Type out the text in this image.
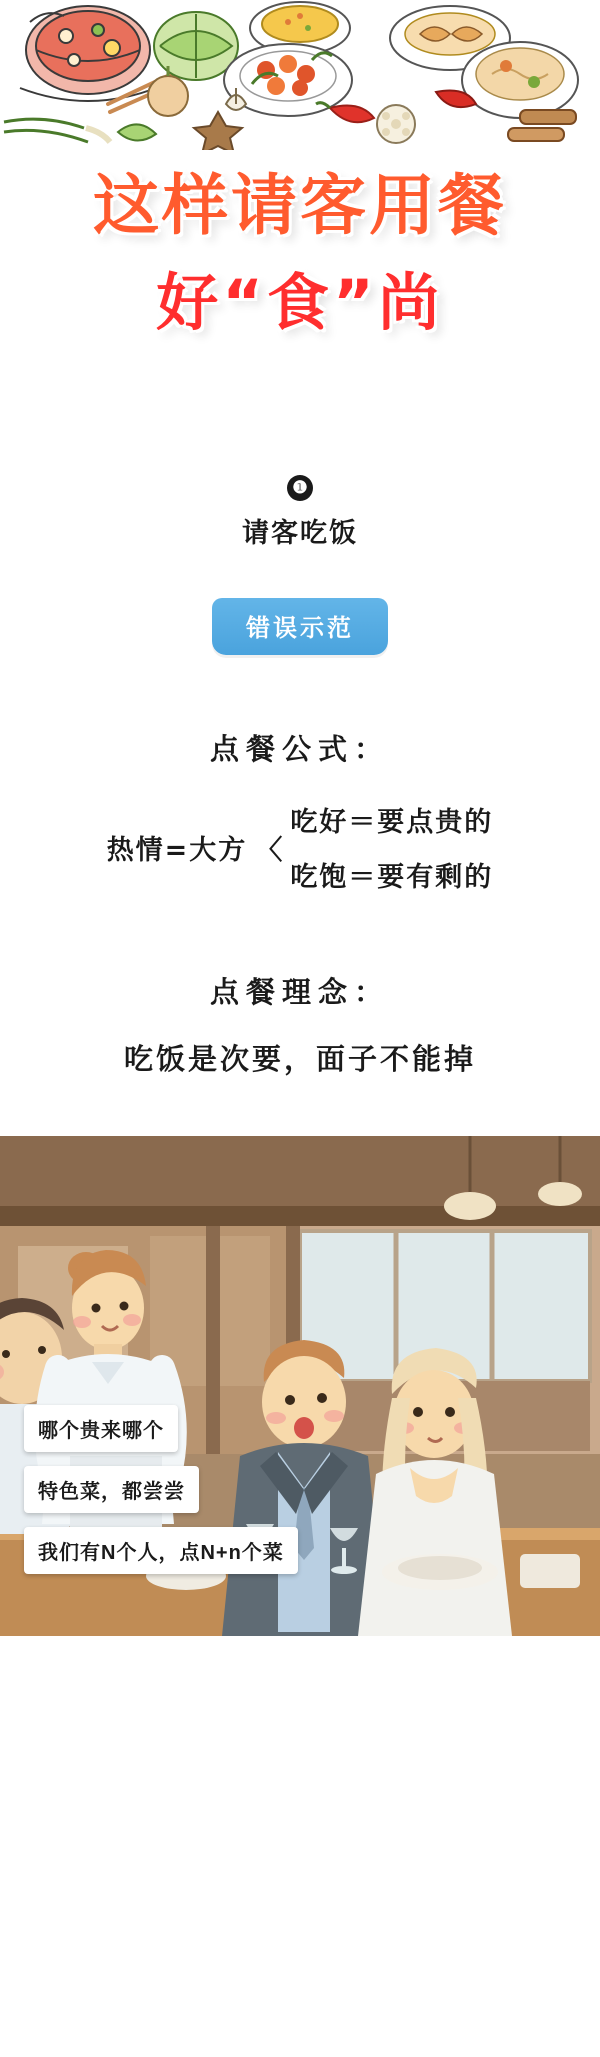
这样请客用餐
好“食”尚
❶
请客吃饭
错误示范
点餐公式：
热情=大方 〈
吃好＝要点贵的
吃饱＝要有剩的
点餐理念：
吃饭是次要，面子不能掉
哪个贵来哪个
特色菜，都尝尝
我们有N个人，点N+n个菜
